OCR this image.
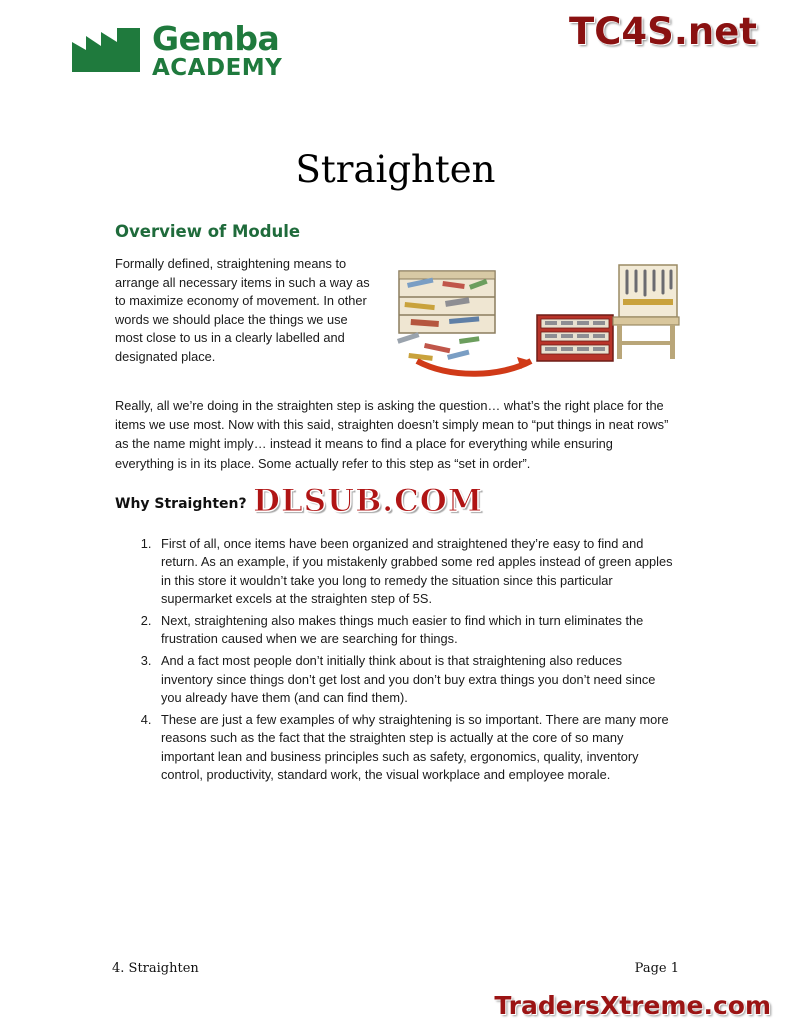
Gemba
ACADEMY
TC4S.net
Straighten
Overview of Module
Formally defined, straightening means to arrange all necessary items in such a way as to maximize economy of movement. In other words we should place the things we use most close to us in a clearly labelled and designated place.

Really, all we’re doing in the straighten step is asking the question… what’s the right place for the items we use most. Now with this said, straighten doesn’t simply mean to “put things in neat rows” as the name might imply… instead it means to find a place for everything while ensuring everything is in its place. Some actually refer to this step as “set in order”.

Why Straighten? DLSUB.COM
1. First of all, once items have been organized and straightened they’re easy to find and return. As an example, if you mistakenly grabbed some red apples instead of green apples in this store it wouldn’t take you long to remedy the situation since this particular supermarket excels at the straighten step of 5S.
2. Next, straightening also makes things much easier to find which in turn eliminates the frustration caused when we are searching for things.
3. And a fact most people don’t initially think about is that straightening also reduces inventory since things don’t get lost and you don’t buy extra things you don’t need since you already have them (and can find them).
4. These are just a few examples of why straightening is so important. There are many more reasons such as the fact that the straighten step is actually at the core of so many important lean and business principles such as safety, ergonomics, quality, inventory control, productivity, standard work, the visual workplace and employee morale.
4. Straighten	Page 1
TradersXtreme.com
